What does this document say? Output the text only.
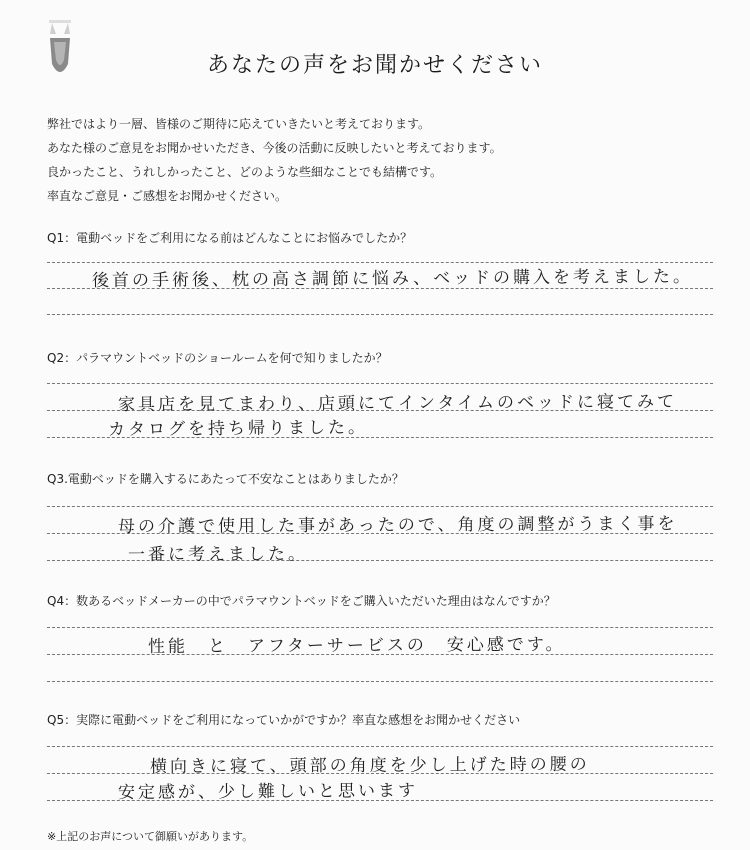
あなたの声をお聞かせください
弊社ではより一層、皆様のご期待に応えていきたいと考えております。
あなた様のご意見をお聞かせいただき、今後の活動に反映したいと考えております。
良かったこと、うれしかったこと、どのような些細なことでも結構です。
率直なご意見・ご感想をお聞かせください。
Q1：電動ベッドをご利用になる前はどんなことにお悩みでしたか？
後首の手術後、枕の高さ調節に悩み、ベッドの購入を考えました。
Q2：パラマウントベッドのショールームを何で知りましたか？
家具店を見てまわり、店頭にてインタイムのベッドに寝てみて
カタログを持ち帰りました。
Q3.電動ベッドを購入するにあたって不安なことはありましたか？
母の介護で使用した事があったので、角度の調整がうまく事を
一番に考えました。
Q4：数あるベッドメーカーの中でパラマウントベッドをご購入いただいた理由はなんですか？
性能　と　アフターサービスの　安心感です。
Q5：実際に電動ベッドをご利用になっていかがですか？率直な感想をお聞かせください
横向きに寝て、頭部の角度を少し上げた時の腰の
安定感が、少し難しいと思います
※上記のお声について御願いがあります。
